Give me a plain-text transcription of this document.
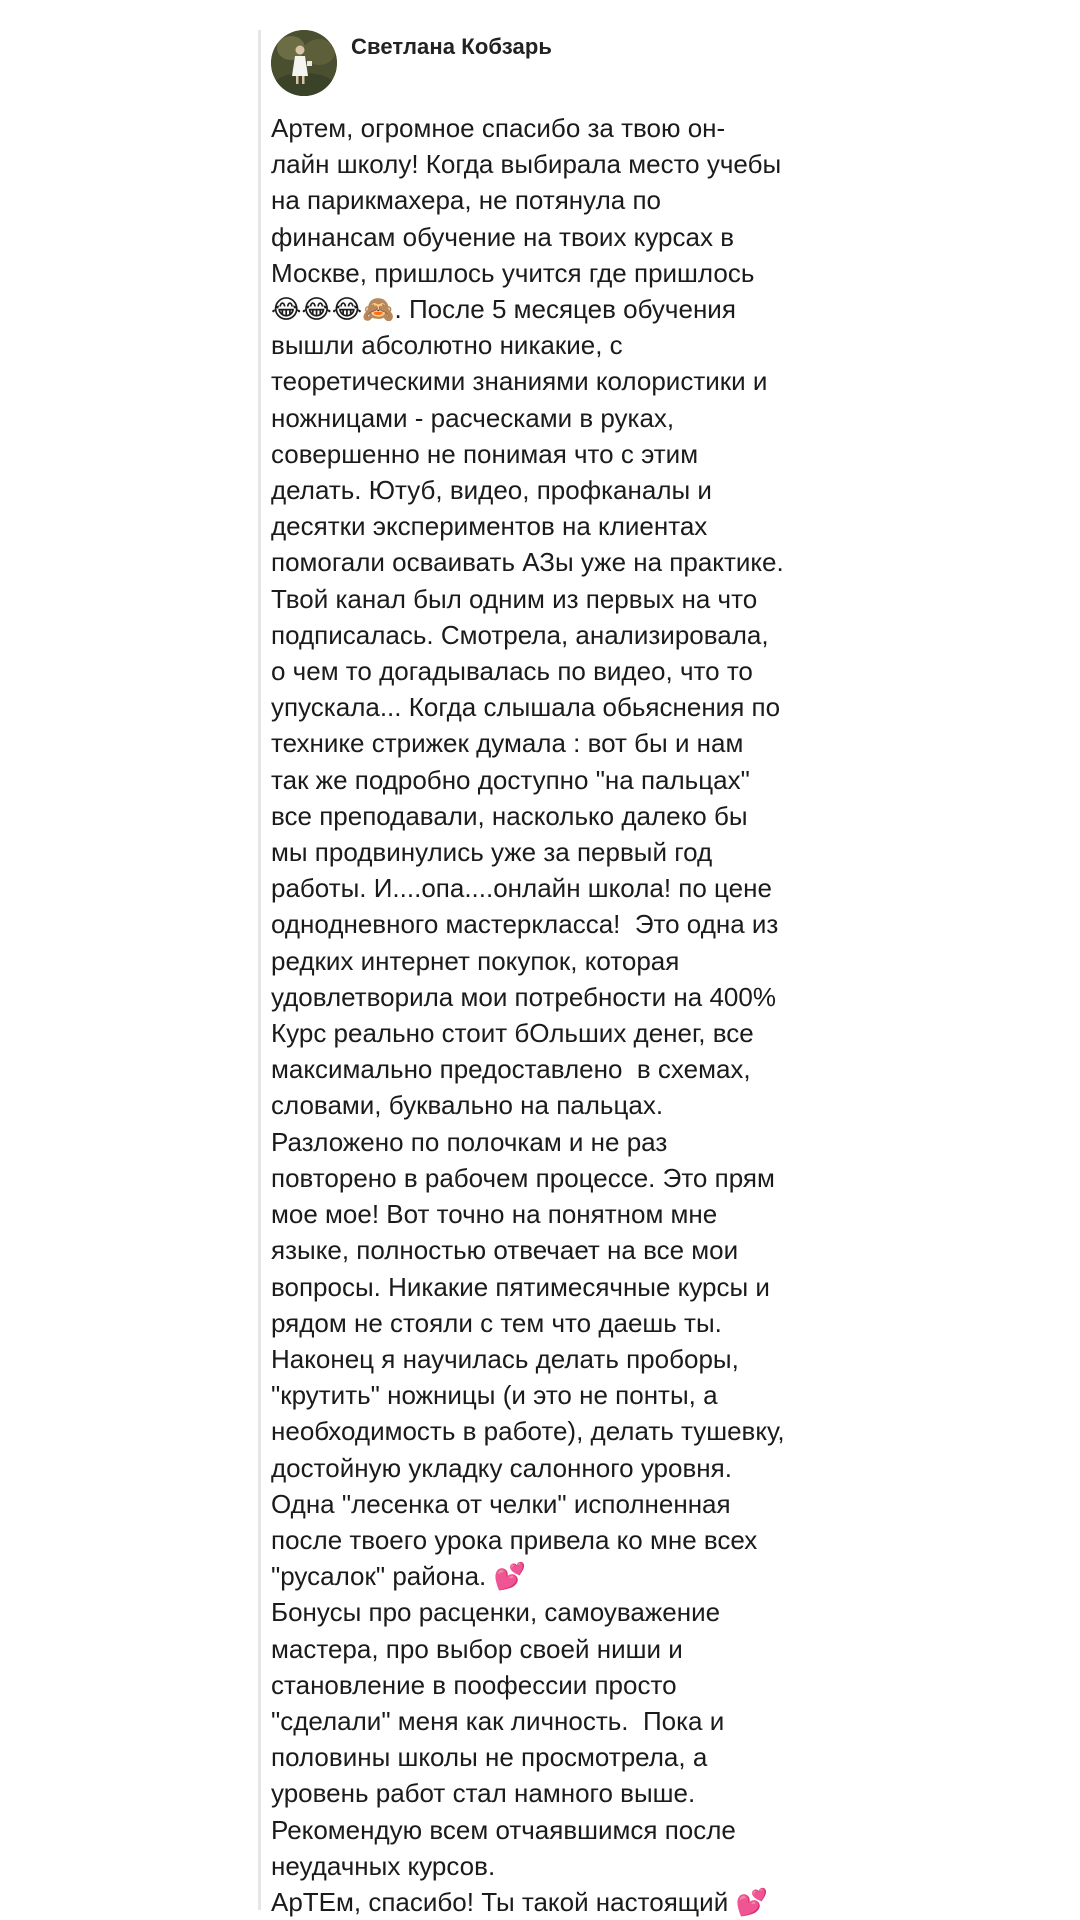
Светлана Кобзарь
Артем, огромное спасибо за твою он-
лайн школу! Когда выбирала место учебы
на парикмахера, не потянула по
финансам обучение на твоих курсах в
Москве, пришлось учится где пришлось
😂😂😂🙈. После 5 месяцев обучения
вышли абсолютно никакие, с
теоретическими знаниями колористики и
ножницами - расческами в руках,
совершенно не понимая что с этим
делать. Ютуб, видео, профканалы и
десятки экспериментов на клиентах
помогали осваивать АЗы уже на практике.
Твой канал был одним из первых на что
подписалась. Смотрела, анализировала,
о чем то догадывалась по видео, что то
упускала... Когда слышала обьяснения по
технике стрижек думала : вот бы и нам
так же подробно доступно "на пальцах"
все преподавали, насколько далеко бы
мы продвинулись уже за первый год
работы. И....опа....онлайн школа! по цене
однодневного мастеркласса!  Это одна из
редких интернет покупок, которая
удовлетворила мои потребности на 400%
Курс реально стоит бОльших денег, все
максимально предоставлено  в схемах,
словами, буквально на пальцах.
Разложено по полочкам и не раз
повторено в рабочем процессе. Это прям
мое мое! Вот точно на понятном мне
языке, полностью отвечает на все мои
вопросы. Никакие пятимесячные курсы и
рядом не стояли с тем что даешь ты.
Наконец я научилась делать проборы,
"крутить" ножницы (и это не понты, а
необходимость в работе), делать тушевку,
достойную укладку салонного уровня.
Одна "лесенка от челки" исполненная
после твоего урока привела ко мне всех
"русалок" района. 💕
Бонусы про расценки, самоуважение
мастера, про выбор своей ниши и
становление в поофессии просто
"сделали" меня как личность.  Пока и
половины школы не просмотрела, а
уровень работ стал намного выше.
Рекомендую всем отчаявшимся после
неудачных курсов.
АрТЕм, спасибо! Ты такой настоящий 💕
